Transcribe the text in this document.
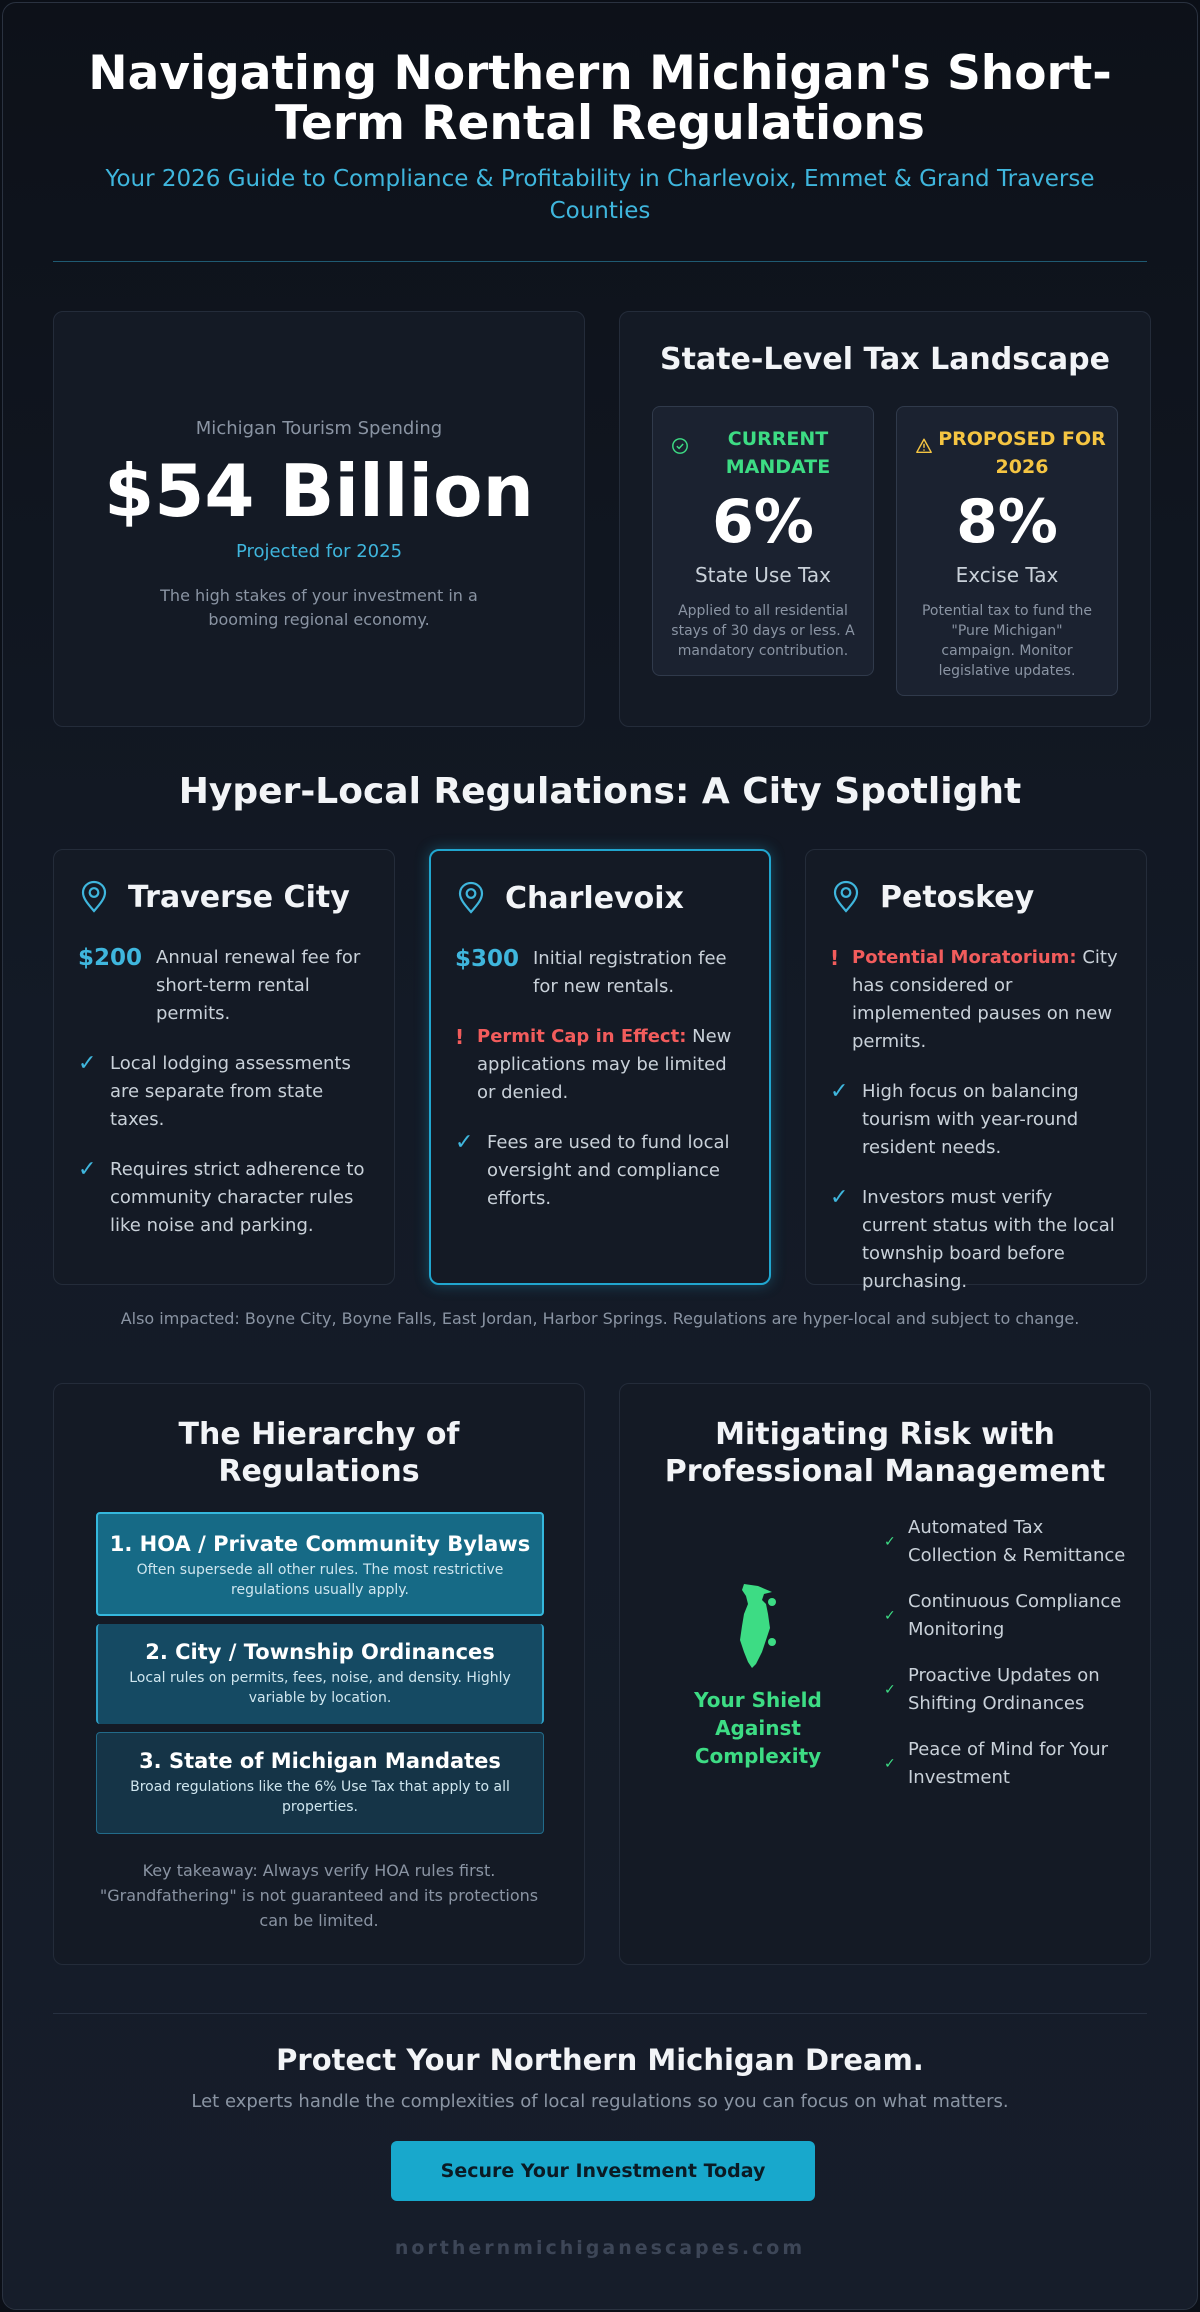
Navigating Northern Michigan's Short-Term Rental Regulations

Your 2026 Guide to Compliance & Profitability in Charlevoix, Emmet & Grand Traverse Counties

Michigan Tourism Spending
$54 Billion
Projected for 2025
The high stakes of your investment in a booming regional economy.
State-Level Tax Landscape
CURRENT MANDATE
6%
State Use Tax
Applied to all residential stays of 30 days or less. A mandatory contribution.
PROPOSED FOR 2026
8%
Excise Tax
Potential tax to fund the "Pure Michigan" campaign. Monitor legislative updates.
Hyper-Local Regulations: A City Spotlight
Traverse City
$200 Annual renewal fee for short-term rental permits.
✓ Local lodging assessments are separate from state taxes.
✓ Requires strict adherence to community character rules like noise and parking.
Charlevoix
$300 Initial registration fee for new rentals.
! Permit Cap in Effect: New applications may be limited or denied.
✓ Fees are used to fund local oversight and compliance efforts.
Petoskey
! Potential Moratorium: City has considered or implemented pauses on new permits.
✓ High focus on balancing tourism with year-round resident needs.
✓ Investors must verify current status with the local township board before purchasing.
Also impacted: Boyne City, Boyne Falls, East Jordan, Harbor Springs. Regulations are hyper-local and subject to change.
The Hierarchy of Regulations
1. HOA / Private Community Bylaws
Often supersede all other rules. The most restrictive regulations usually apply.
2. City / Township Ordinances
Local rules on permits, fees, noise, and density. Highly variable by location.
3. State of Michigan Mandates
Broad regulations like the 6% Use Tax that apply to all properties.
Key takeaway: Always verify HOA rules first. "Grandfathering" is not guaranteed and its protections can be limited.
Mitigating Risk with Professional Management
Your Shield Against Complexity
✓
Automated Tax Collection & Remittance
✓
Continuous Compliance Monitoring
✓
Proactive Updates on Shifting Ordinances
✓
Peace of Mind for Your Investment
Protect Your Northern Michigan Dream.
Let experts handle the complexities of local regulations so you can focus on what matters.
Secure Your Investment Today
northernmichiganescapes.com
